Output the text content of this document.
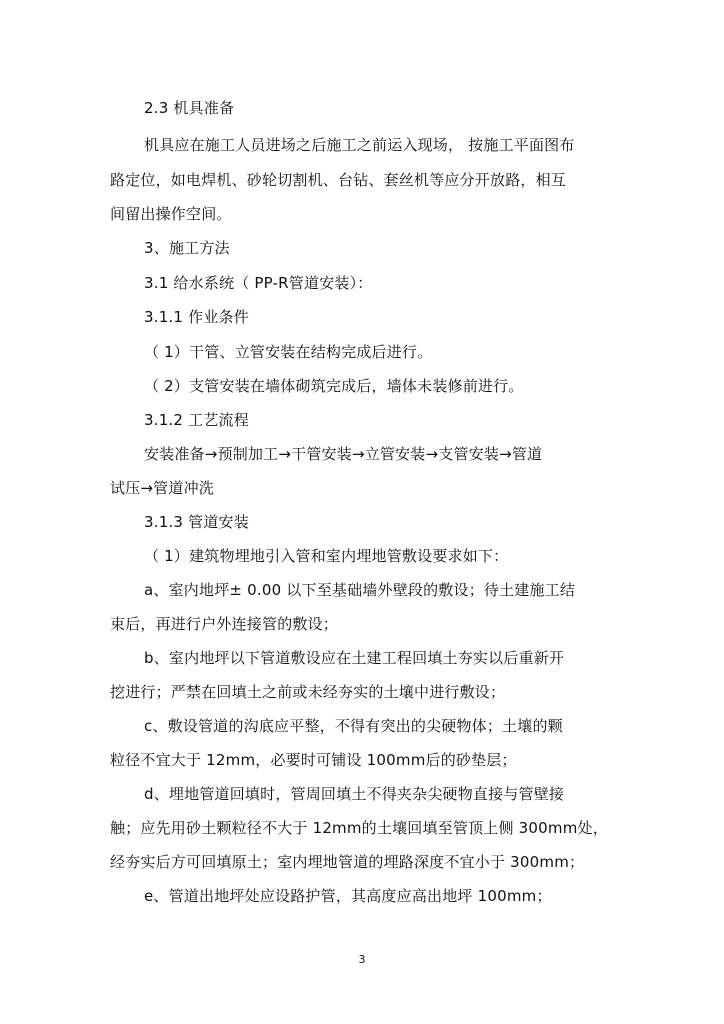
2.3 机具准备
机具应在施工人员进场之后施工之前运入现场， 按施工平面图布
路定位，如电焊机、砂轮切割机、台钻、套丝机等应分开放路，相互
间留出操作空间。
3、施工方法
3.1 给水系统（ PP-R管道安装）：
3.1.1 作业条件
（ 1）干管、立管安装在结构完成后进行。
（ 2）支管安装在墙体砌筑完成后，墙体未装修前进行。
3.1.2 工艺流程
安装准备→预制加工→干管安装→立管安装→支管安装→管道
试压→管道冲洗
3.1.3 管道安装
（ 1）建筑物埋地引入管和室内埋地管敷设要求如下：
a、室内地坪± 0.00 以下至基础墙外壁段的敷设；待土建施工结
束后，再进行户外连接管的敷设；
b、室内地坪以下管道敷设应在土建工程回填土夯实以后重新开
挖进行；严禁在回填土之前或未经夯实的土壤中进行敷设；
c、敷设管道的沟底应平整，不得有突出的尖硬物体；土壤的颗
粒径不宜大于 12mm，必要时可铺设 100mm后的砂垫层；
d、埋地管道回填时，管周回填土不得夹杂尖硬物直接与管壁接
触；应先用砂土颗粒径不大于 12mm的土壤回填至管顶上侧 300mm处，
经夯实后方可回填原土；室内埋地管道的埋路深度不宜小于 300mm；
e、管道出地坪处应设路护管，其高度应高出地坪 100mm；
3
